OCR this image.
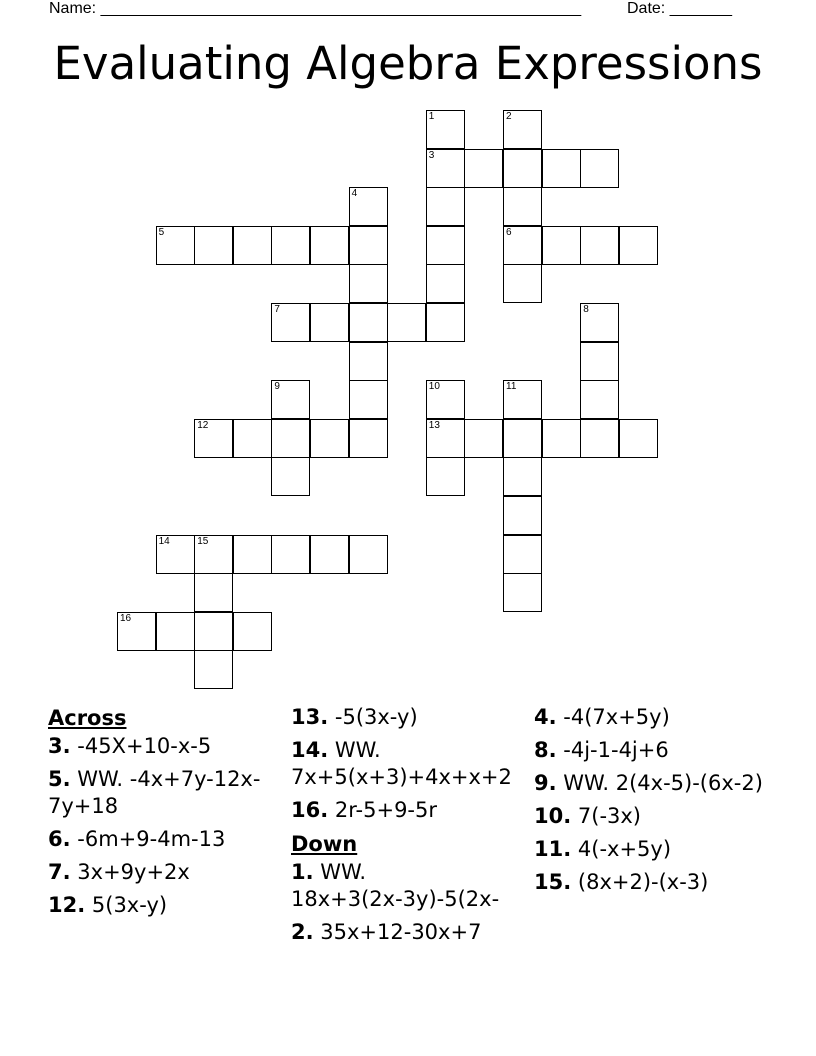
Name: ______________________________________________________	Date: _______
Evaluating Algebra Expressions
1
3
2
6
4
5
7	8
9	10
13
11
12
14	15
16
Across
3. -45X+10-x-5
5. WW. -4x+7y-12x-7y+18
6. -6m+9-4m-13
7. 3x+9y+2x
12. 5(3x-y)
13. -5(3x-y)
14. WW. 7x+5(x+3)+4x+x+2
16. 2r-5+9-5r
Down
1. WW.
18x+3(2x-3y)-5(2x-
2. 35x+12-30x+7
4. -4(7x+5y)
8. -4j-1-4j+6
9. WW. 2(4x-5)-(6x-2)
10. 7(-3x)
11. 4(-x+5y)
15. (8x+2)-(x-3)
